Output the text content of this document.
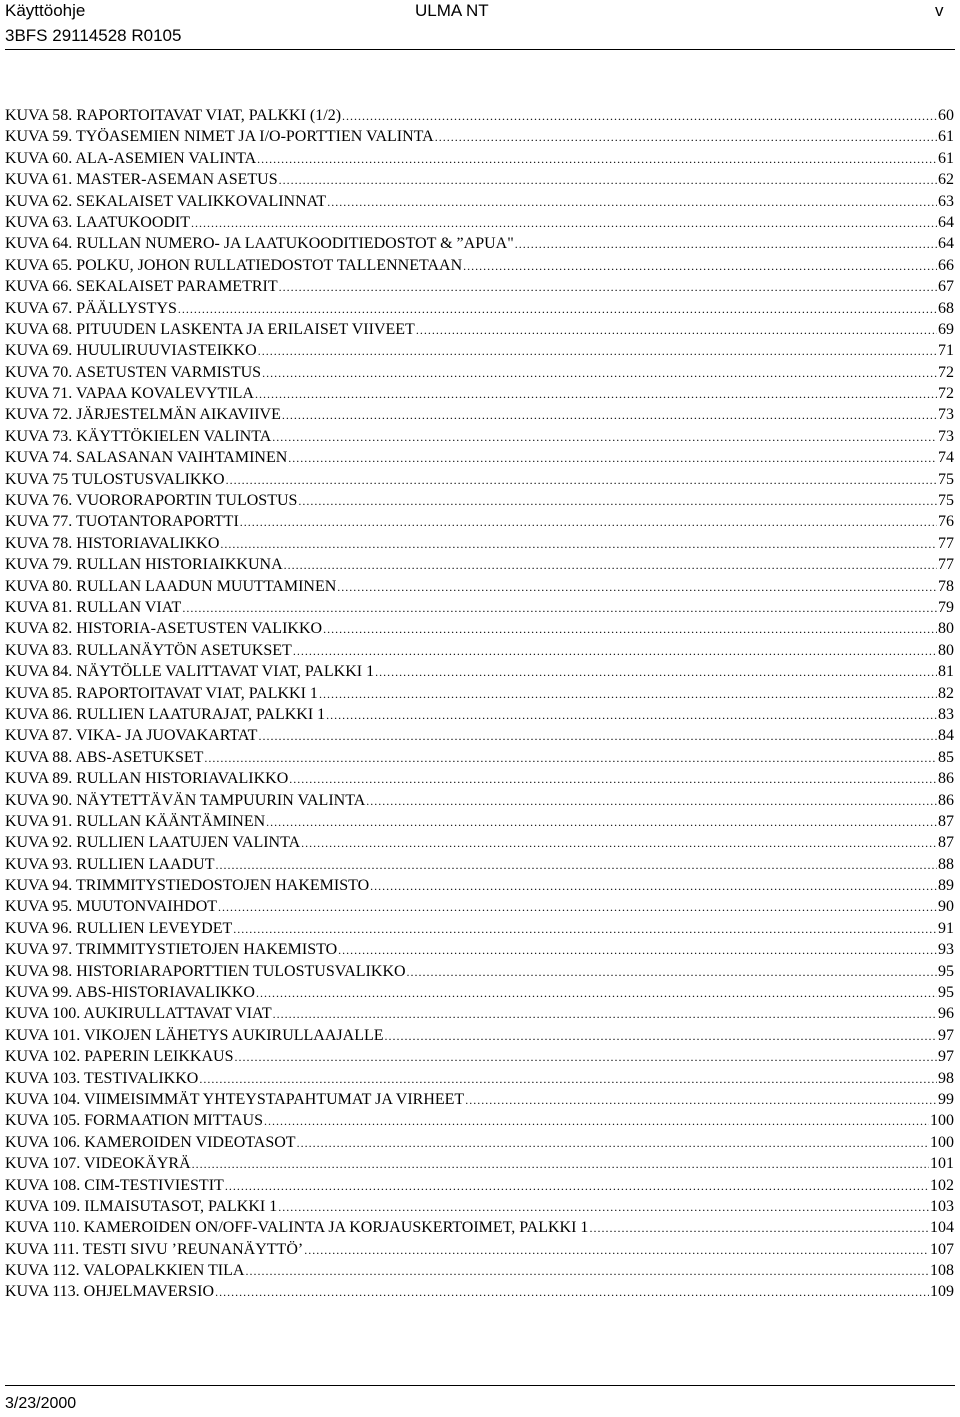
Käyttöohje	ULMA NT	v
3BFS 29114528 R0105
KUVA 58. RAPORTOITAVAT VIAT, PALKKI (1/2) .....	60
KUVA 59. TYÖASEMIEN NIMET JA I/O-PORTTIEN VALINTA .....	61
KUVA 60. ALA-ASEMIEN VALINTA .....	61
KUVA 61. MASTER-ASEMAN ASETUS .....	62
KUVA 62. SEKALAISET VALIKKOVALINNAT .....	63
KUVA 63. LAATUKOODIT .....	64
KUVA 64. RULLAN NUMERO- JA LAATUKOODITIEDOSTOT & ”APUA" .....	64
KUVA 65. POLKU, JOHON RULLATIEDOSTOT TALLENNETAAN .....	66
KUVA 66. SEKALAISET PARAMETRIT .....	67
KUVA 67. PÄÄLLYSTYS .....	68
KUVA 68. PITUUDEN LASKENTA JA ERILAISET VIIVEET .....	69
KUVA 69. HUULIRUUVIASTEIKKO .....	71
KUVA 70. ASETUSTEN VARMISTUS .....	72
KUVA 71. VAPAA KOVALEVYTILA .....	72
KUVA 72. JÄRJESTELMÄN AIKAVIIVE .....	73
KUVA 73. KÄYTTÖKIELEN VALINTA .....	73
KUVA 74. SALASANAN VAIHTAMINEN .....	74
KUVA 75 TULOSTUSVALIKKO .....	75
KUVA 76. VUORORAPORTIN TULOSTUS .....	75
KUVA 77. TUOTANTORAPORTTI .....	76
KUVA 78. HISTORIAVALIKKO .....	77
KUVA 79. RULLAN HISTORIAIKKUNA .....	77
KUVA 80. RULLAN LAADUN MUUTTAMINEN .....	78
KUVA 81. RULLAN VIAT .....	79
KUVA 82. HISTORIA-ASETUSTEN VALIKKO .....	80
KUVA 83. RULLANÄYTÖN ASETUKSET .....	80
KUVA 84. NÄYTÖLLE VALITTAVAT VIAT, PALKKI 1 .....	81
KUVA 85. RAPORTOITAVAT VIAT, PALKKI 1 .....	82
KUVA 86. RULLIEN LAATURAJAT, PALKKI 1 .....	83
KUVA 87. VIKA- JA JUOVAKARTAT .....	84
KUVA 88. ABS-ASETUKSET .....	85
KUVA 89. RULLAN HISTORIAVALIKKO .....	86
KUVA 90. NÄYTETTÄVÄN TAMPUURIN VALINTA .....	86
KUVA 91. RULLAN KÄÄNTÄMINEN .....	87
KUVA 92. RULLIEN LAATUJEN VALINTA .....	87
KUVA 93. RULLIEN LAADUT .....	88
KUVA 94. TRIMMITYSTIEDOSTOJEN HAKEMISTO .....	89
KUVA 95. MUUTONVAIHDOT .....	90
KUVA 96. RULLIEN LEVEYDET .....	91
KUVA 97. TRIMMITYSTIETOJEN HAKEMISTO .....	93
KUVA 98. HISTORIARAPORTTIEN TULOSTUSVALIKKO .....	95
KUVA 99. ABS-HISTORIAVALIKKO .....	95
KUVA 100. AUKIRULLATTAVAT VIAT .....	96
KUVA 101. VIKOJEN LÄHETYS AUKIRULLAAJALLE .....	97
KUVA 102. PAPERIN LEIKKAUS .....	97
KUVA 103. TESTIVALIKKO .....	98
KUVA 104. VIIMEISIMMÄT YHTEYSTAPAHTUMAT JA VIRHEET .....	99
KUVA 105. FORMAATION MITTAUS .....	100
KUVA 106. KAMEROIDEN VIDEOTASOT .....	100
KUVA 107. VIDEOKÄYRÄ .....	101
KUVA 108. CIM-TESTIVIESTIT .....	102
KUVA 109. ILMAISUTASOT, PALKKI 1 .....	103
KUVA 110. KAMEROIDEN ON/OFF-VALINTA JA KORJAUSKERTOIMET, PALKKI 1 .....	104
KUVA 111. TESTI SIVU ’REUNANÄYTTÖ’ .....	107
KUVA 112. VALOPALKKIEN TILA .....	108
KUVA 113. OHJELMAVERSIO .....	109
3/23/2000
